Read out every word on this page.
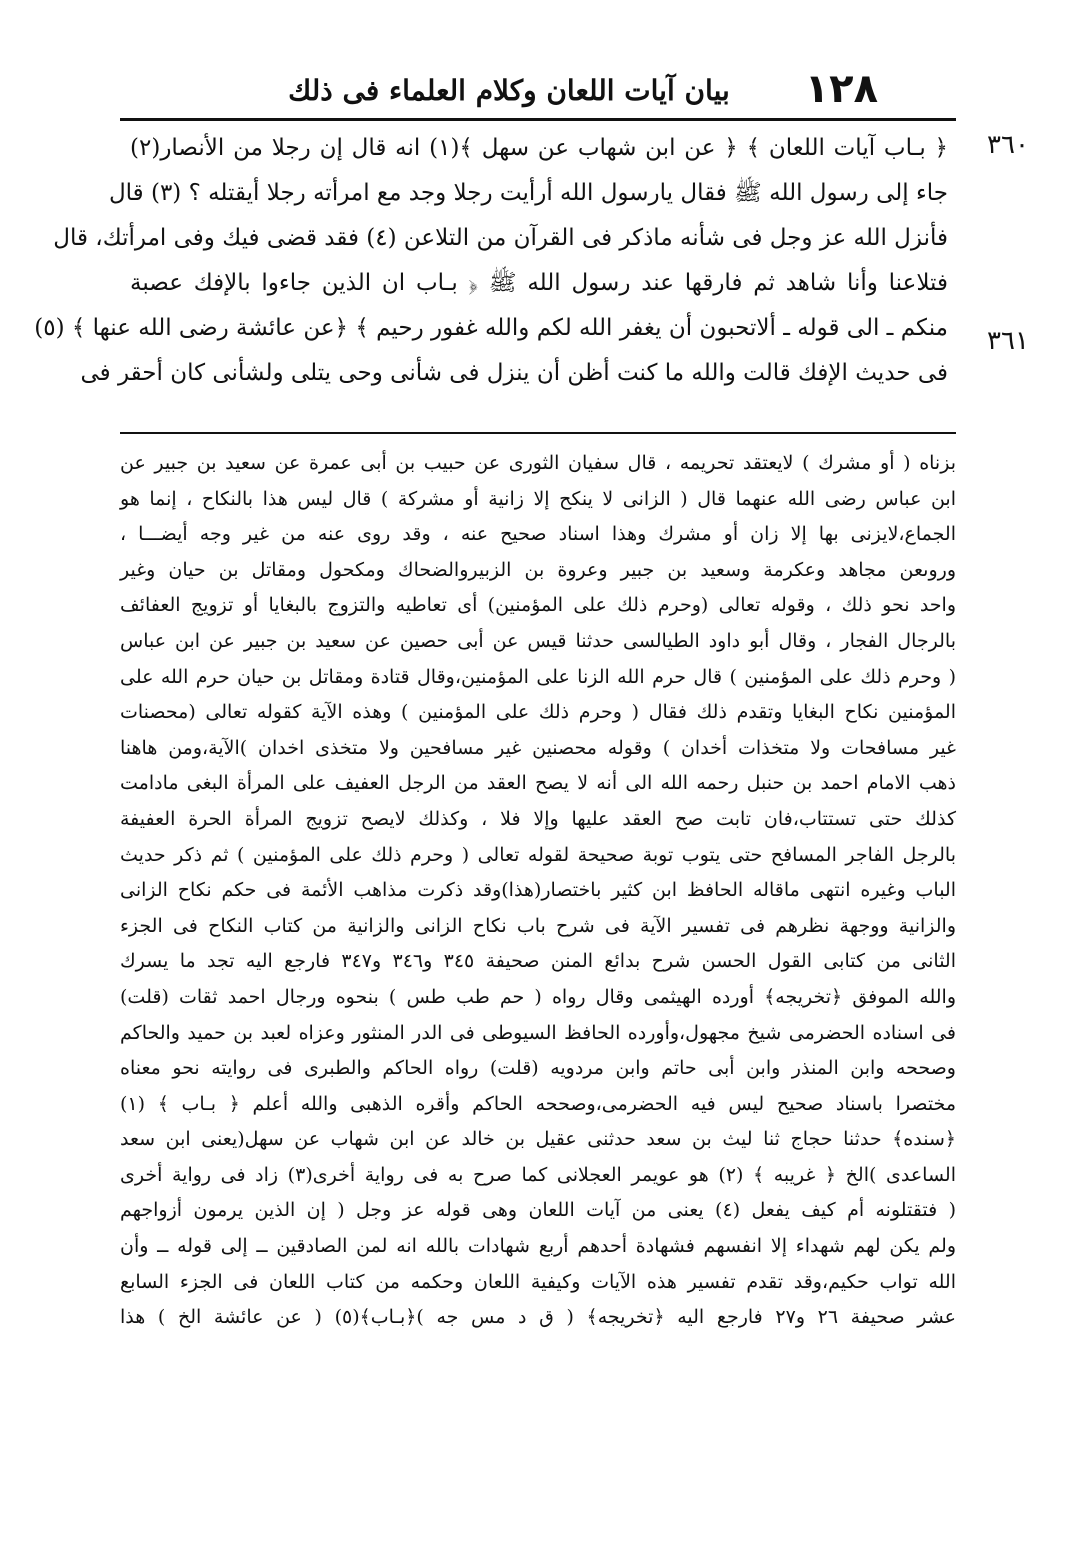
١٢٨
بيان آيات اللعان وكلام العلماء فى ذلك
٣٦٠
٣٦١
﴿ بـاب آيات اللعان ﴾ ﴿ عن ابن شهاب عن سهل ﴾(١) انه قال إن رجلا من الأنصار(٢)
جاء إلى رسول الله ﷺ فقال يارسول الله أرأيت رجلا وجد مع امرأته رجلا أيقتله ؟ (٣) قال
فأنزل الله عز وجل فى شأنه ماذكر فى القرآن من التلاعن (٤) فقد قضى فيك وفى امرأتك، قال
فتلاعنا وأنا شاهد ثم فارقها عند رسول الله ﷺ ﴿ بـاب ان الذين جاءوا بالإفك عصبة
منكم ـ الى قوله ـ ألاتحبون أن يغفر الله لكم والله غفور رحيم ﴾ ﴿عن عائشة رضى الله عنها ﴾ (٥)
فى حديث الإفك قالت والله ما كنت أظن أن ينزل فى شأنى وحى يتلى ولشأنى كان أحقر فى
بزناه ( أو مشرك ) لايعتقد تحريمه ، قال سفيان الثورى عن حبيب بن أبى عمرة عن سعيد بن جبير عن
ابن عباس رضى الله عنهما قال ( الزانى لا ينكح إلا زانية أو مشركة ) قال ليس هذا بالنكاح ، إنما هو
الجماع،لايزنى بها إلا زان أو مشرك وهذا اسناد صحيح عنه ، وقد روى عنه من غير وجه أيضـــا ،
وروىعن مجاهد وعكرمة وسعيد بن جبير وعروة بن الزبيروالضحاك ومكحول ومقاتل بن حيان وغير
واحد نحو ذلك ، وقوله تعالى (وحرم ذلك على المؤمنين) أى تعاطيه والتزوج بالبغايا أو تزويج العفائف
بالرجال الفجار ، وقال أبو داود الطيالسى حدثنا قيس عن أبى حصين عن سعيد بن جبير عن ابن عباس
( وحرم ذلك على المؤمنين ) قال حرم الله الزنا على المؤمنين،وقال قتادة ومقاتل بن حيان حرم الله على
المؤمنين نكاح البغايا وتقدم ذلك فقال ( وحرم ذلك على المؤمنين ) وهذه الآية كقوله تعالى (محصنات
غير مسافحات ولا متخذات أخدان ) وقوله محصنين غير مسافحين ولا متخذى اخدان )الآية،ومن هاهنا
ذهب الامام احمد بن حنبل رحمه الله الى أنه لا يصح العقد من الرجل العفيف على المرأة البغى مادامت
كذلك حتى تستتاب،فان تابت صح العقد عليها وإلا فلا ، وكذلك لايصح تزويج المرأة الحرة العفيفة
بالرجل الفاجر المسافح حتى يتوب توبة صحيحة لقوله تعالى ( وحرم ذلك على المؤمنين ) ثم ذكر حديث
الباب وغيره انتهى ماقاله الحافظ ابن كثير باختصار(هذا)وقد ذكرت مذاهب الأئمة فى حكم نكاح الزانى
والزانية ووجهة نظرهم فى تفسير الآية فى شرح باب نكاح الزانى والزانية من كتاب النكاح فى الجزء
الثانى من كتابى القول الحسن شرح بدائع المنن صحيفة ٣٤٥ و٣٤٦ و٣٤٧ فارجع اليه تجد ما يسرك
والله الموفق ﴿تخريجه﴾ أورده الهيثمى وقال رواه ( حم طب طس ) بنحوه ورجال احمد ثقات (قلت)
فى اسناده الحضرمى شيخ مجهول،وأورده الحافظ السيوطى فى الدر المنثور وعزاه لعبد بن حميد والحاكم
وصححه وابن المنذر وابن أبى حاتم وابن مردويه (قلت) رواه الحاكم والطبرى فى روايته نحو معناه
مختصرا باسناد صحيح ليس فيه الحضرمى،وصححه الحاكم وأقره الذهبى والله أعلم ﴿ بـاب ﴾ (١)
﴿سنده﴾ حدثنا حجاج ثنا ليث بن سعد حدثنى عقيل بن خالد عن ابن شهاب عن سهل(يعنى ابن سعد
الساعدى )الخ ﴿ غريبه ﴾ (٢) هو عويمر العجلانى كما صرح به فى رواية أخرى(٣) زاد فى رواية أخرى
( فتقتلونه أم كيف يفعل (٤) يعنى من آيات اللعان وهى قوله عز وجل ( إن الذين يرمون أزواجهم
ولم يكن لهم شهداء إلا انفسهم فشهادة أحدهم أربع شهادات بالله انه لمن الصادقين ــ إلى قوله ــ وأن
الله تواب حكيم،وقد تقدم تفسير هذه الآيات وكيفية اللعان وحكمه من كتاب اللعان فى الجزء السابع
عشر صحيفة ٢٦ و٢٧ فارجع اليه ﴿تخريجه﴾ ( ق د مس جه )﴿بـاب﴾(٥) ( عن عائشة الخ ) هذا
